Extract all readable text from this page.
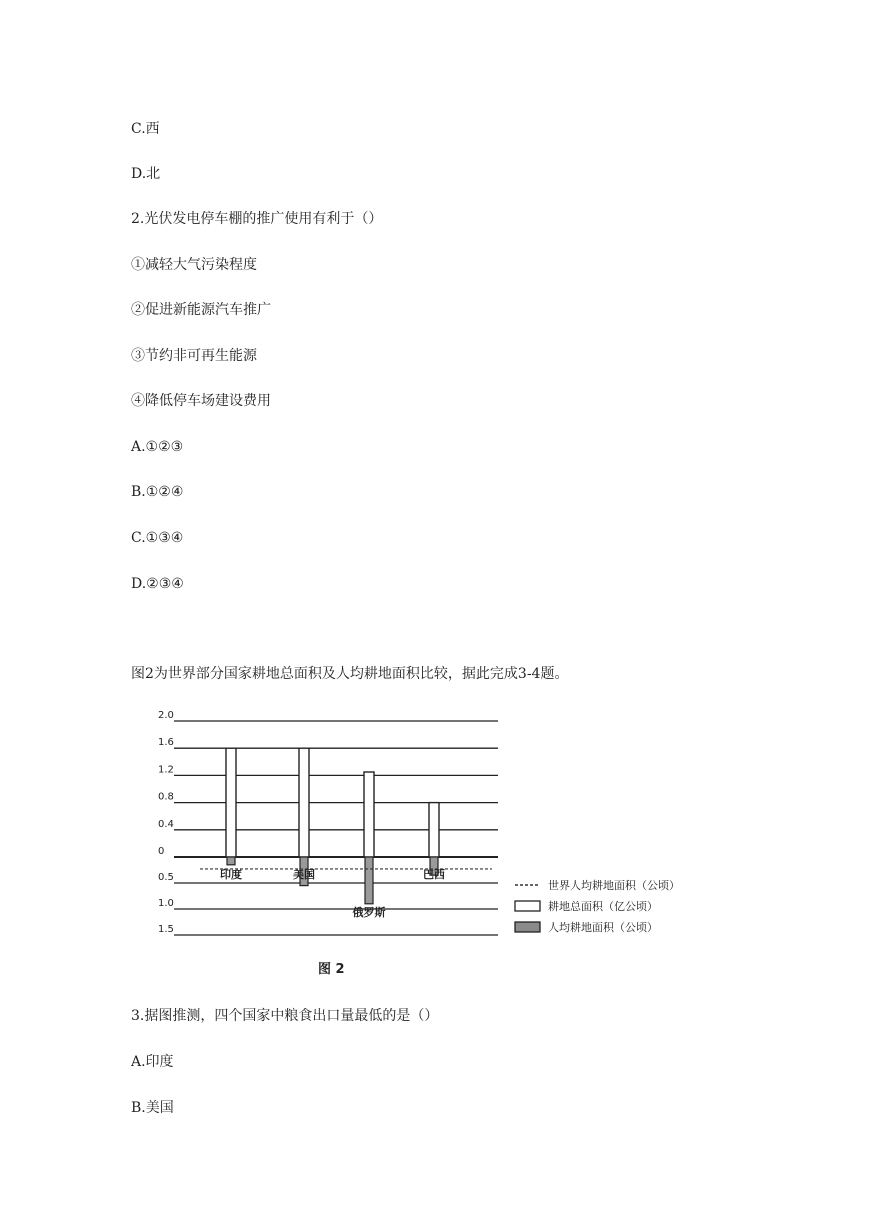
C.西
D.北
2.光伏发电停车棚的推广使用有利于（）
①减轻大气污染程度
②促进新能源汽车推广
③节约非可再生能源
④降低停车场建设费用
A.①②③
B.①②④
C.①③④
D.②③④
图2为世界部分国家耕地总面积及人均耕地面积比较，据此完成3-4题。
2.0
1.6
1.2
0.8
0.4
0
0.5
1.0
1.5
印度	美国
俄罗斯
巴西
世界人均耕地面积（公顷）
耕地总面积（亿公顷）
人均耕地面积（公顷）
图 2
3.据图推测，四个国家中粮食出口量最低的是（）
A.印度
B.美国
